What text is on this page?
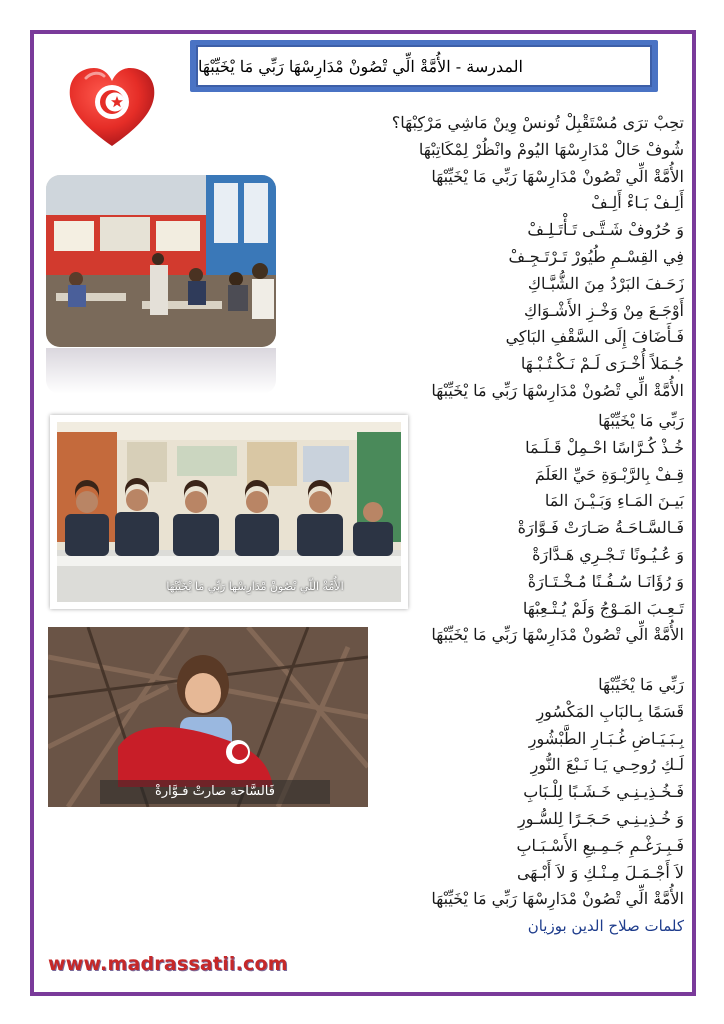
المدرسة - الأُمَّةْ الِّي تْصُونْ مْدَارِسْهَا رَبِّي مَا يْخَيِّبْهَا
تحِبْ ترَى مُسْتَقْبِلْ تُونسْ وِينْ مَاشِي مَرْكِبْهَا؟
شُوفْ حَالْ مْدَارِسْهَا اليُومْ وانْظُرْ لِمْكَاتِبْهَا
الأُمَّةْ الِّي تْصُونْ مْدَارِسْهَا رَبِّي مَا يْخَيِّبْهَا
أَلِـفْ بَـاءْ أَلِـفْ
وَ حُرُوفْ شَـتَّـى تَـأْتَـلِـفْ
فِي القِسْـمِ طُيُورْ تَـرْتَـجِـفْ
زَحَـفَ البَرْدُ مِنَ الشُّبَّـاكِ
أَوْجَـعَ مِنْ وَخْـزِ الأَشْـوَاكِ
فَـأَضَافَ إِلَى السَّقْفِ البَاكِي
جُـمَلاً أُخْـرَى لَـمْ نَـكْـتُـبْـهَا
الأُمَّةْ الِّي تْصُونْ مْدَارِسْهَا رَبِّي مَا يْخَيِّبْهَا
الأُمَّةْ اللّي تْصُونْ مْدَارِسْها رَبِّي مَا يْخَيِّبْهَا
رَبِّي مَا يْخَيِّبْهَا
خُـذْ كُـرَّاسًا احْـمِلْ قَـلَـمَا
قِـفْ بِالرَّبْـوَةِ حَيِّ العَلَمَ
بَيـنَ المَـاءِ وَبَـيْـنَ المَا
فَـالسَّـاحَـةُ صَـارَتْ فَـوَّارَةْ
وَ عُـيُـونًا تَـجْـرِي هَـدَّارَةْ
وَ رُؤَانَـا سُـفُـنًا مُـخْـتَـارَةْ
تَـعِـبَ المَـوْجُ وَلَمْ يُـتْـعِبْهَا
الأُمَّةْ الِّي تْصُونْ مْدَارِسْهَا رَبِّي مَا يْخَيِّبْهَا
فَالسَّاحة صارتْ فـوَّارةْ
رَبِّي مَا يْخَيِّبْهَا
قَسَمًا بِـالبَابِ المَكْسُورِ
بِـبَـيَـاضِ غُـبَـارِ الطَّبْشُورِ
لَـكِ رُوحِـي يَـا نَـبْعَ النُّورِ
فَـخُـذِيـنِـي خَـشَـبًا لِلْـبَابِ
وَ خُـذِيـنِـي حَـجَـرًا لِلسُّـورِ
فَـبِـرَغْـمِ جَـمِـيعِ الأَسْـبَـابِ
لاَ أَجْـمَـلَ مِـنْـكِ وَ لاَ أَبْـهَى
الأُمَّةْ الِّي تْصُونْ مْدَارِسْهَا رَبِّي مَا يْخَيِّبْهَا
كلمات صلاح الدين بوزيان
www.madrassatii.com
